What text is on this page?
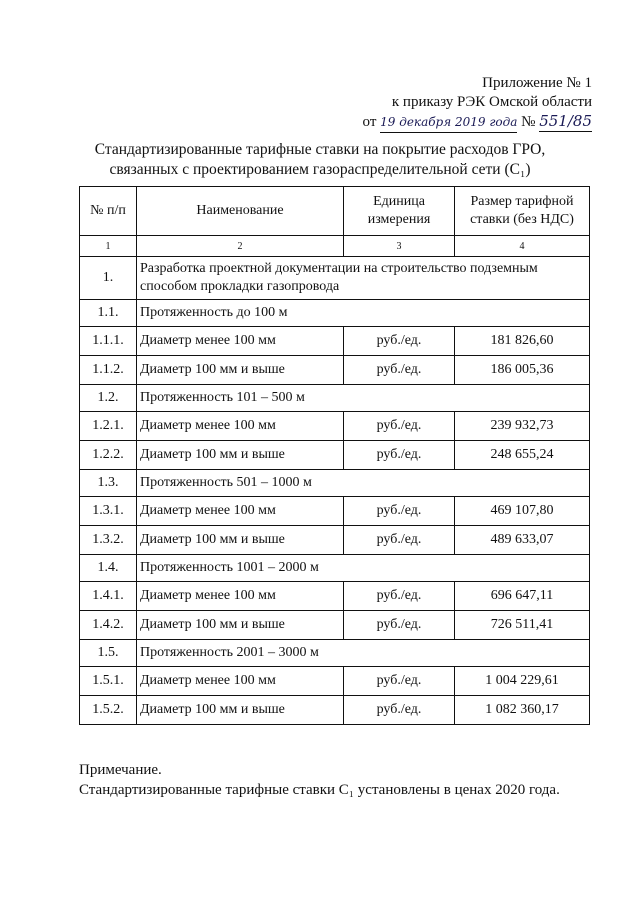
Приложение № 1
к приказу РЭК Омской области
от 19 декабря 2019 года № 551/85
Стандартизированные тарифные ставки на покрытие расходов ГРО,
связанных с проектированием газораспределительной сети (С₁)
№ п/п	Наименование	Единица измерения	Размер тарифной ставки (без НДС)
1	2	3	4
1.	Разработка проектной документации на строительство подземным способом прокладки газопровода		
1.1.	Протяженность до 100 м		
1.1.1.	Диаметр менее 100 мм	руб./ед.	181 826,60
1.1.2.	Диаметр 100 мм и выше	руб./ед.	186 005,36
1.2.	Протяженность 101 – 500 м		
1.2.1.	Диаметр менее 100 мм	руб./ед.	239 932,73
1.2.2.	Диаметр 100 мм и выше	руб./ед.	248 655,24
1.3.	Протяженность 501 – 1000 м		
1.3.1.	Диаметр менее 100 мм	руб./ед.	469 107,80
1.3.2.	Диаметр 100 мм и выше	руб./ед.	489 633,07
1.4.	Протяженность 1001 – 2000 м		
1.4.1.	Диаметр менее 100 мм	руб./ед.	696 647,11
1.4.2.	Диаметр 100 мм и выше	руб./ед.	726 511,41
1.5.	Протяженность 2001 – 3000 м		
1.5.1.	Диаметр менее 100 мм	руб./ед.	1 004 229,61
1.5.2.	Диаметр 100 мм и выше	руб./ед.	1 082 360,17
Примечание.
Стандартизированные тарифные ставки С₁ установлены в ценах 2020 года.
